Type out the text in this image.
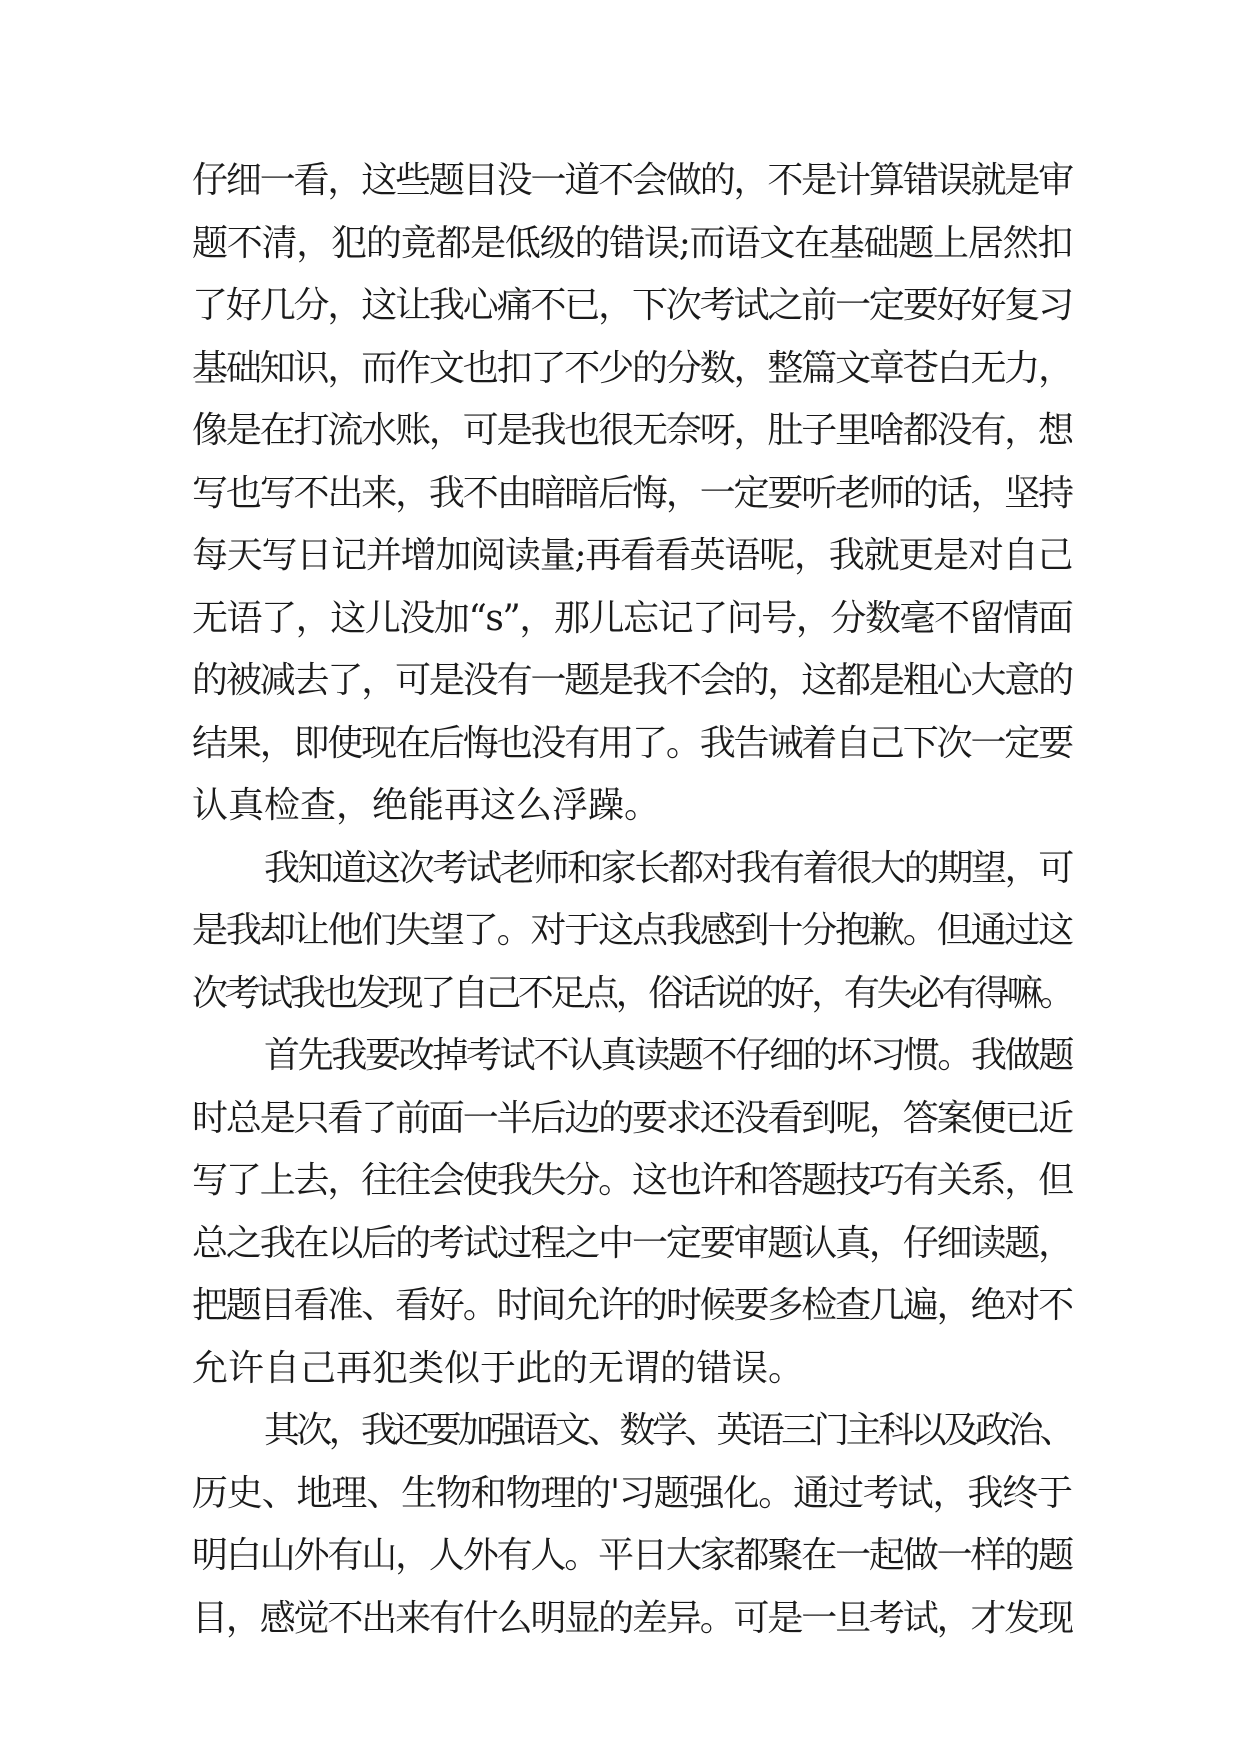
仔细一看，这些题目没一道不会做的，不是计算错误就是审
题不清，犯的竟都是低级的错误;而语文在基础题上居然扣
了好几分，这让我心痛不已，下次考试之前一定要好好复习
基础知识，而作文也扣了不少的分数，整篇文章苍白无力，
像是在打流水账，可是我也很无奈呀，肚子里啥都没有，想
写也写不出来，我不由暗暗后悔，一定要听老师的话，坚持
每天写日记并增加阅读量;再看看英语呢，我就更是对自己
无语了，这儿没加“s”，那儿忘记了问号，分数毫不留情面
的被减去了，可是没有一题是我不会的，这都是粗心大意的
结果，即使现在后悔也没有用了。我告诫着自己下次一定要
认真检查，绝能再这么浮躁。
我知道这次考试老师和家长都对我有着很大的期望，可
是我却让他们失望了。对于这点我感到十分抱歉。但通过这
次考试我也发现了自己不足点，俗话说的好，有失必有得嘛。
首先我要改掉考试不认真读题不仔细的坏习惯。我做题
时总是只看了前面一半后边的要求还没看到呢，答案便已近
写了上去，往往会使我失分。这也许和答题技巧有关系，但
总之我在以后的考试过程之中一定要审题认真，仔细读题，
把题目看准、看好。时间允许的时候要多检查几遍，绝对不
允许自己再犯类似于此的无谓的错误。
其次，我还要加强语文、数学、英语三门主科以及政治、
历史、地理、生物和物理的'习题强化。通过考试，我终于
明白山外有山，人外有人。平日大家都聚在一起做一样的题
目，感觉不出来有什么明显的差异。可是一旦考试，才发现
